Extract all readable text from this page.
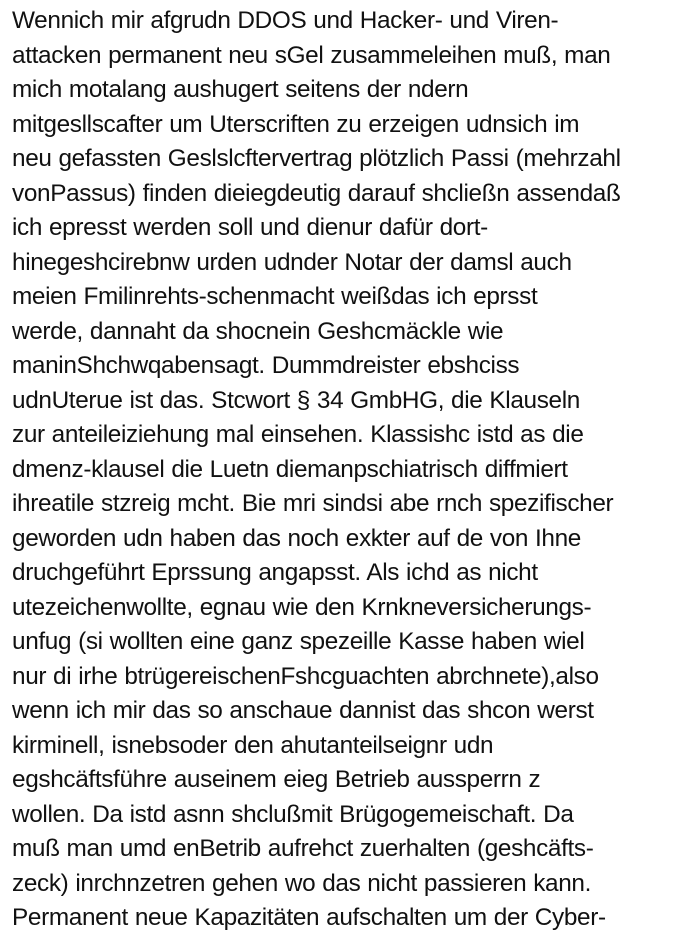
Wennich mir afgrudn DDOS und Hacker- und Viren-
attacken permanent neu sGel zusammeleihen muß, man
mich motalang aushugert seitens der ndern
mitgesllscafter um Uterscriften zu erzeigen udnsich im
neu gefassten Geslslcftervertrag plötzlich Passi (mehrzahl
vonPassus) finden dieiegdeutig darauf shcließn assendaß
ich epresst werden soll und dienur dafür dort-
hinegeshcirebnw urden udnder Notar der damsl auch
meien Fmilinrehts-schenmacht weißdas ich eprsst
werde, dannaht da shocnein Geshcmäckle wie
maninShchwqabensagt. Dummdreister ebshciss
udnUterue ist das. Stcwort § 34 GmbHG, die Klauseln
zur anteileiziehung mal einsehen. Klassishc istd as die
dmenz-klausel die Luetn diemanpschiatrisch diffmiert
ihreatile stzreig mcht. Bie mri sindsi abe rnch spezifischer
geworden udn haben das noch exkter auf de von Ihne
druchgeführt Eprssung angapsst. Als ichd as nicht
utezeichenwollte, egnau wie den Krnkneversicherungs-
unfug (si wollten eine ganz spezeille Kasse haben wiel
nur di irhe btrügereischenFshcguachten abrchnete),also
wenn ich mir das so anschaue dannist das shcon werst
kirminell, isnebsoder den ahutanteilseignr udn
egshcäftsführe auseinem eieg Betrieb aussperrn z
wollen. Da istd asnn shclußmit Brügogemeischaft. Da
muß man umd enBetrib aufrehct zuerhalten (geshcäfts-
zeck) inrchnzetren gehen wo das nicht passieren kann.
Permanent neue Kapazitäten aufschalten um der Cyber-
